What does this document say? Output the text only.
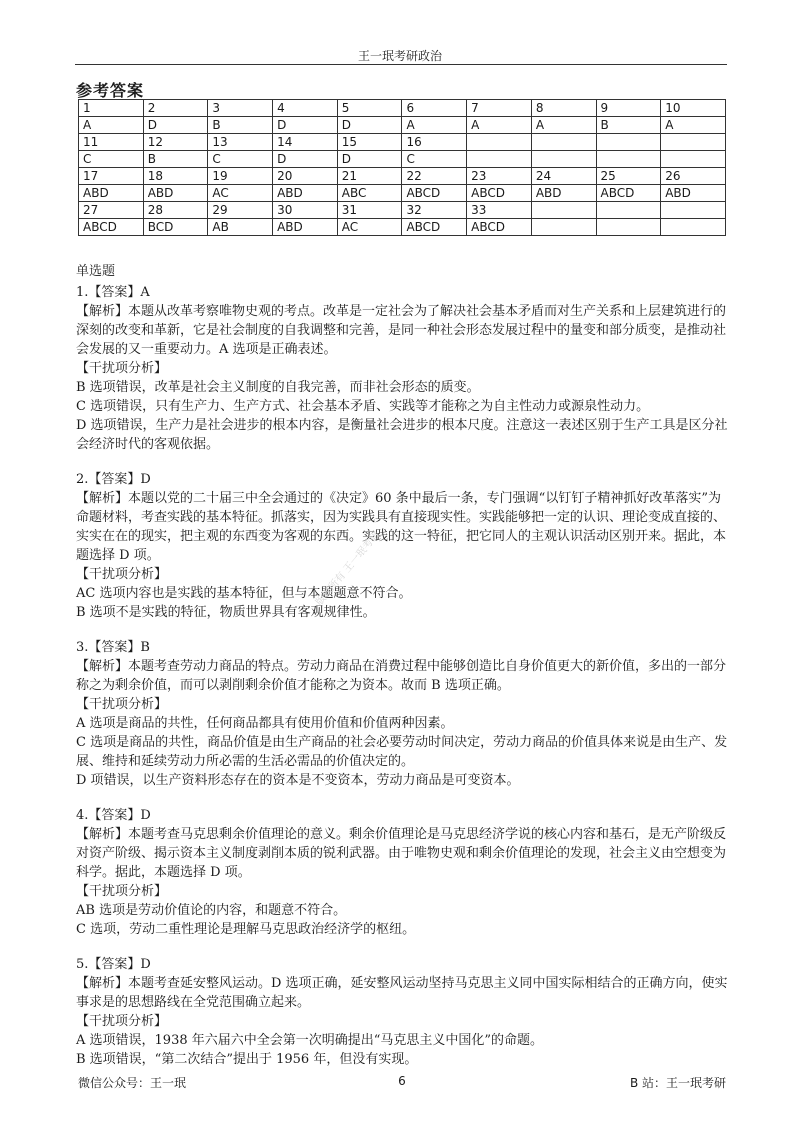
王一珉考研政治
参考答案
1	2	3	4	5	6	7	8	9	10
A	D	B	D	D	A	A	A	B	A
11	12	13	14	15	16				
C	B	C	D	D	C				
17	18	19	20	21	22	23	24	25	26
ABD	ABD	AC	ABD	ABC	ABCD	ABCD	ABD	ABCD	ABD
27	28	29	30	31	32	33			
ABCD	BCD	AB	ABD	AC	ABCD	ABCD			

单选题

1.【答案】A

【解析】本题从改革考察唯物史观的考点。改革是一定社会为了解决社会基本矛盾而对生产关系和上层建筑进行的深刻的改变和革新，它是社会制度的自我调整和完善，是同一种社会形态发展过程中的量变和部分质变，是推动社会发展的又一重要动力。A 选项是正确表述。

【干扰项分析】

B 选项错误，改革是社会主义制度的自我完善，而非社会形态的质变。

C 选项错误，只有生产力、生产方式、社会基本矛盾、实践等才能称之为自主性动力或源泉性动力。

D 选项错误，生产力是社会进步的根本内容，是衡量社会进步的根本尺度。注意这一表述区别于生产工具是区分社会经济时代的客观依据。

2.【答案】D

【解析】本题以党的二十届三中全会通过的《决定》60 条中最后一条，专门强调“以钉钉子精神抓好改革落实”为命题材料，考查实践的基本特征。抓落实，因为实践具有直接现实性。实践能够把一定的认识、理论变成直接的、实实在在的现实，把主观的东西变为客观的东西。实践的这一特征，把它同人的主观认识活动区别开来。据此，本题选择 D 项。

【干扰项分析】

AC 选项内容也是实践的基本特征，但与本题题意不符合。

B 选项不是实践的特征，物质世界具有客观规律性。

3.【答案】B

【解析】本题考查劳动力商品的特点。劳动力商品在消费过程中能够创造比自身价值更大的新价值，多出的一部分称之为剩余价值，而可以剥削剩余价值才能称之为资本。故而 B 选项正确。

【干扰项分析】

A 选项是商品的共性，任何商品都具有使用价值和价值两种因素。

C 选项是商品的共性，商品价值是由生产商品的社会必要劳动时间决定，劳动力商品的价值具体来说是由生产、发展、维持和延续劳动力所必需的生活必需品的价值决定的。

D 项错误，以生产资料形态存在的资本是不变资本，劳动力商品是可变资本。

4.【答案】D

【解析】本题考查马克思剩余价值理论的意义。剩余价值理论是马克思经济学说的核心内容和基石，是无产阶级反对资产阶级、揭示资本主义制度剥削本质的锐利武器。由于唯物史观和剩余价值理论的发现，社会主义由空想变为科学。据此，本题选择 D 项。

【干扰项分析】

AB 选项是劳动价值论的内容，和题意不符合。

C 选项，劳动二重性理论是理解马克思政治经济学的枢纽。

5.【答案】D

【解析】本题考查延安整风运动。D 选项正确，延安整风运动坚持马克思主义同中国实际相结合的正确方向，使实事求是的思想路线在全党范围确立起来。

【干扰项分析】

A 选项错误，1938 年六届六中全会第一次明确提出“马克思主义中国化”的命题。

B 选项错误，“第二次结合”提出于 1956 年，但没有实现。

版权所有 王一珉考研
微信公众号：王一珉	6	B 站：王一珉考研
